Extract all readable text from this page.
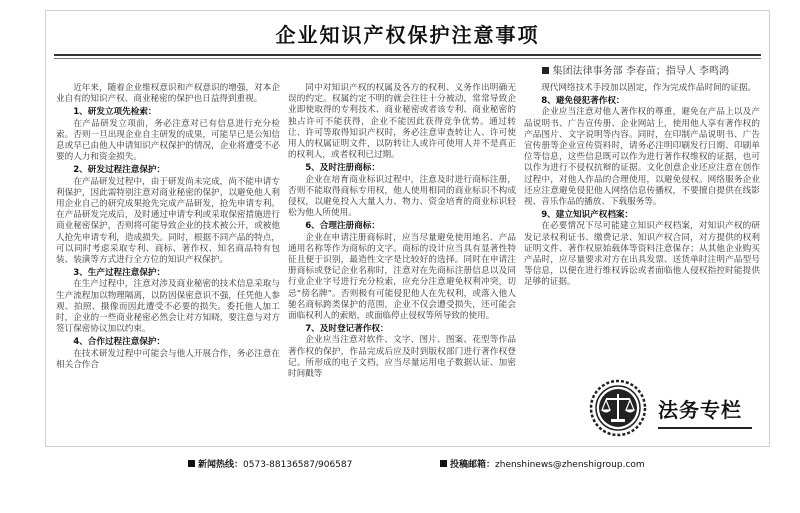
企业知识产权保护注意事项
集团法律事务部 李春苗；指导人 李鸣鸿

近年来，随着企业维权意识和产权意识的增强，对本企业自有的知识产权、商业秘密的保护也日益得到重视。

1、研发立项先检索：

在产品研发立项前，务必注意对已有信息进行充分检索。否则一旦出现企业自主研发的成果，可能早已是公知信息或早已由他人申请知识产权保护的情况，企业将遭受不必要的人力和资金损失。

2、研发过程注意保护：

在产品研发过程中，由于研发尚未完成，尚不能申请专利保护，因此需特别注意对商业秘密的保护，以避免他人利用企业自己的研究成果抢先完成产品研发，抢先申请专利。在产品研发完成后，及时通过申请专利或采取保密措施进行商业秘密保护，否则将可能导致企业的技术被公开，或被他人抢先申请专利，造成损失。同时，根据不同产品的特点，可以同时考虑采取专利、商标、著作权、知名商品特有包装、装潢等方式进行全方位的知识产权保护。

3、生产过程注意保护：

在生产过程中，注意对涉及商业秘密的技术信息采取与生产流程加以物理隔离，以防因保密意识不强，任凭他人参观、拍照、摄像而因此遭受不必要的损失。委托他人加工时，企业的一些商业秘密必然会让对方知晓，要注意与对方签订保密协议加以约束。

4、合作过程注意保护：

在技术研发过程中可能会与他人开展合作，务必注意在相关合作合

同中对知识产权的权属及各方的权利、义务作出明确无误的约定。权属约定不明的就会往往十分被动，常常导致企业即使取得的专利技术、商业秘密或者该专利、商业秘密的独占许可不能获得，企业不能因此获得竞争优势。通过转让、许可等取得知识产权时，务必注意审查转让人、许可使用人的权属证明文件，以防转让人或许可使用人并不是真正的权利人，或者权利已过期。

5、及时注册商标：

企业在培育商业标识过程中，注意及时进行商标注册，否则不能取得商标专用权，他人使用相同的商业标识不构成侵权，以避免投入大量人力、物力、资金培育的商业标识轻松为他人所使用。

6、合理注册商标：

企业在申请注册商标时，应当尽量避免使用地名、产品通用名称等作为商标的文字。商标的设计应当具有显著性特征且便于识别，最造性文字是比较好的选择。同时在申请注册商标或登记企业名称时，注意对在先商标注册信息以及同行业企业字号进行充分检索，应充分注意避免权利冲突，切忌“傍名牌”。否则极有可能侵犯他人在先权利，或落入他人驰名商标跨类保护的范围，企业不仅会遭受损失，还可能会面临权利人的索赔，或面临停止侵权等所导致的使用。

7、及时登记著作权：

企业应当注意对软件、文字、图片、图案、花型等作品著作权的保护，作品完成后应及时到版权部门进行著作权登记。所形成的电子文档，应当尽量运用电子数据认证、加密时间戳等

现代网络技术手段加以固定，作为完成作品时间的证据。

8、避免侵犯著作权：

企业应当注意对他人著作权的尊重，避免在产品上以及产品说明书、广告宣传册、企业网站上，使用他人享有著作权的产品图片、文字说明等内容。同时，在印制产品说明书、广告宣传册等企业宣传资料时，请务必注明印刷发行日期、印刷单位等信息，这些信息既可以作为进行著作权维权的证据，也可以作为进行不侵权抗辩的证据。文化创意企业还应注意在创作过程中，对他人作品的合理使用，以避免侵权。网络服务企业还应注意避免侵犯他人网络信息传播权，不要擅自提供在线影视、音乐作品的播放、下载服务等。

9、建立知识产权档案：

在必要情况下尽可能建立知识产权档案，对知识产权的研发记录权利证书、缴费记录、知识产权合同，对方提供的权利证明文件、著作权原始载体等资料注意保存；从其他企业购买产品时，应尽量要求对方在出具发票、送货单时注明产品型号等信息，以便在进行维权诉讼或者面临他人侵权指控时能提供足够的证据。

法务专栏
新闻热线：0573-88136587/906587	投稿邮箱：zhenshinews@zhenshigroup.com
